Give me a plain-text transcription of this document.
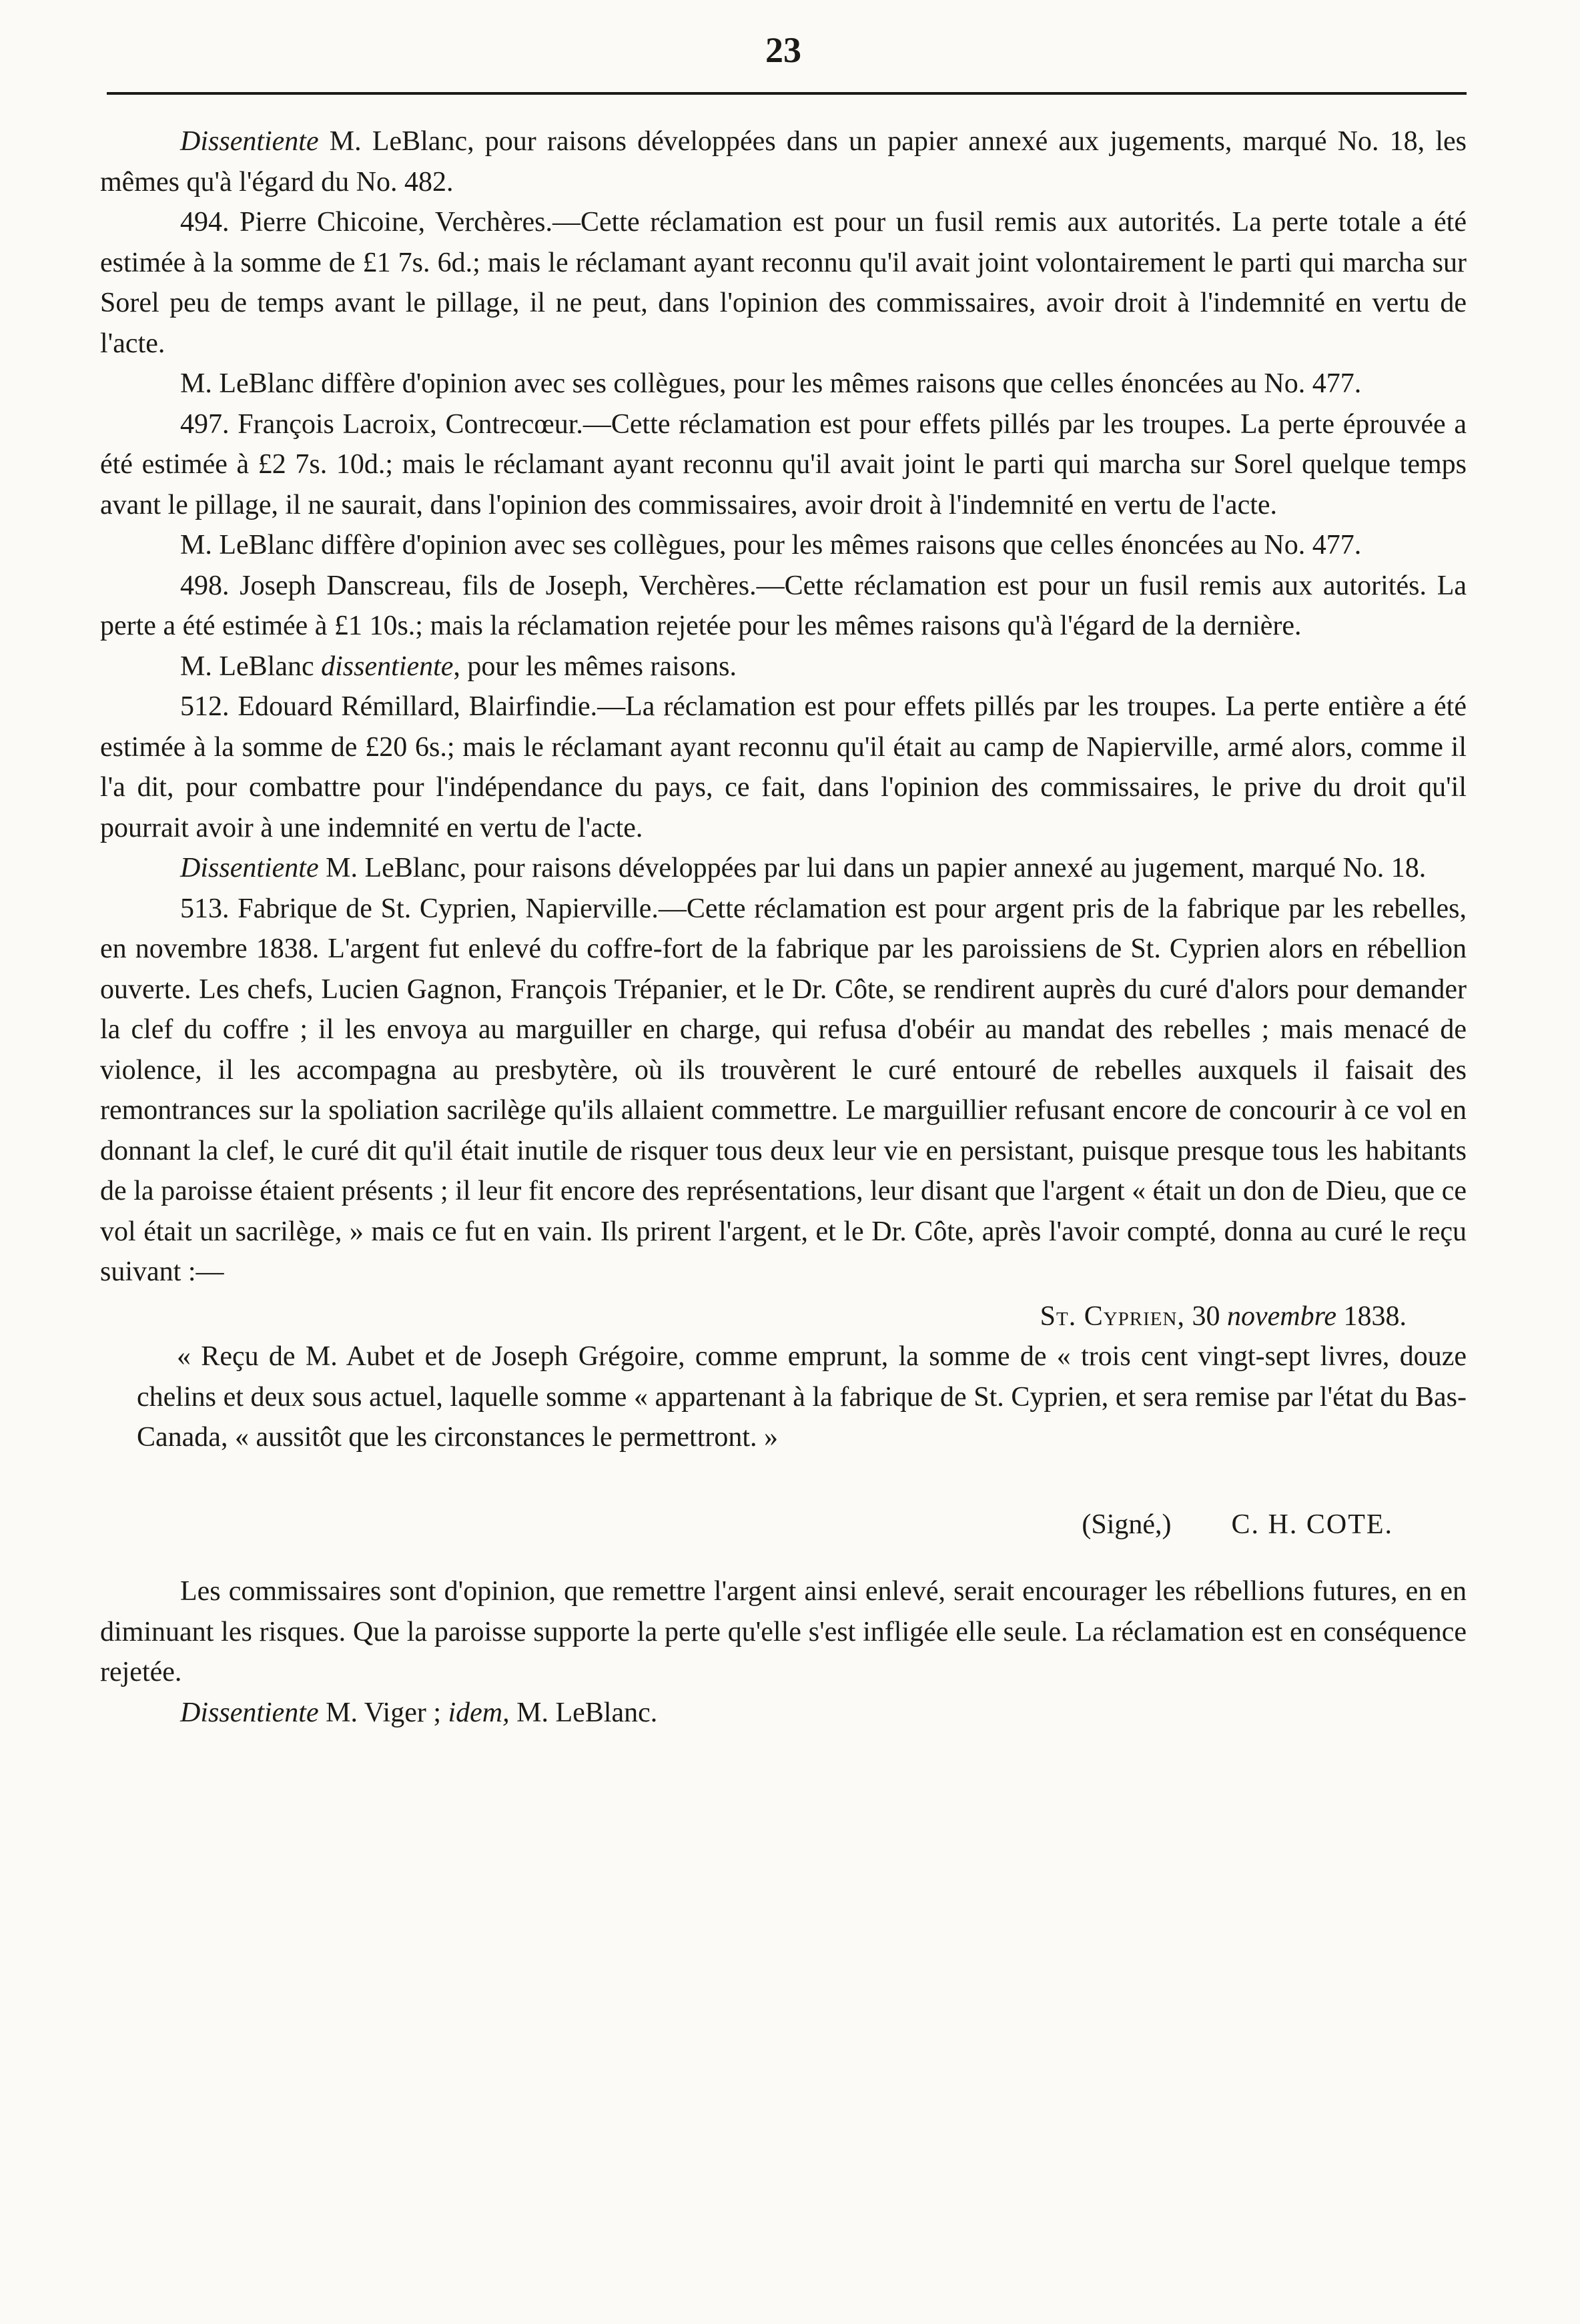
23

Dissentiente M. LeBlanc, pour raisons développées dans un papier annexé aux jugements, marqué No. 18, les mêmes qu'à l'égard du No. 482.

494. Pierre Chicoine, Verchères.—Cette réclamation est pour un fusil remis aux autorités. La perte totale a été estimée à la somme de £1 7s. 6d.; mais le réclamant ayant reconnu qu'il avait joint volontairement le parti qui marcha sur Sorel peu de temps avant le pillage, il ne peut, dans l'opinion des commissaires, avoir droit à l'indemnité en vertu de l'acte.

M. LeBlanc diffère d'opinion avec ses collègues, pour les mêmes raisons que celles énoncées au No. 477.

497. François Lacroix, Contrecœur.—Cette réclamation est pour effets pillés par les troupes. La perte éprouvée a été estimée à £2 7s. 10d.; mais le réclamant ayant reconnu qu'il avait joint le parti qui marcha sur Sorel quelque temps avant le pillage, il ne saurait, dans l'opinion des commissaires, avoir droit à l'indemnité en vertu de l'acte.

M. LeBlanc diffère d'opinion avec ses collègues, pour les mêmes raisons que celles énoncées au No. 477.

498. Joseph Danscreau, fils de Joseph, Verchères.—Cette réclamation est pour un fusil remis aux autorités. La perte a été estimée à £1 10s.; mais la réclamation rejetée pour les mêmes raisons qu'à l'égard de la dernière.

M. LeBlanc dissentiente, pour les mêmes raisons.

512. Edouard Rémillard, Blairfindie.—La réclamation est pour effets pillés par les troupes. La perte entière a été estimée à la somme de £20 6s.; mais le réclamant ayant reconnu qu'il était au camp de Napierville, armé alors, comme il l'a dit, pour combattre pour l'indépendance du pays, ce fait, dans l'opinion des commissaires, le prive du droit qu'il pourrait avoir à une indemnité en vertu de l'acte.

Dissentiente M. LeBlanc, pour raisons développées par lui dans un papier annexé au jugement, marqué No. 18.

513. Fabrique de St. Cyprien, Napierville.—Cette réclamation est pour argent pris de la fabrique par les rebelles, en novembre 1838. L'argent fut enlevé du coffre-fort de la fabrique par les paroissiens de St. Cyprien alors en rébellion ouverte. Les chefs, Lucien Gagnon, François Trépanier, et le Dr. Côte, se rendirent auprès du curé d'alors pour demander la clef du coffre ; il les envoya au marguiller en charge, qui refusa d'obéir au mandat des rebelles ; mais menacé de violence, il les accompagna au presbytère, où ils trouvèrent le curé entouré de rebelles auxquels il faisait des remontrances sur la spoliation sacrilège qu'ils allaient commettre. Le marguillier refusant encore de concourir à ce vol en donnant la clef, le curé dit qu'il était inutile de risquer tous deux leur vie en persistant, puisque presque tous les habitants de la paroisse étaient présents ; il leur fit encore des représentations, leur disant que l'argent « était un don de Dieu, que ce vol était un sacrilège, » mais ce fut en vain. Ils prirent l'argent, et le Dr. Côte, après l'avoir compté, donna au curé le reçu suivant :—

St. Cyprien, 30 novembre 1838.

« Reçu de M. Aubet et de Joseph Grégoire, comme emprunt, la somme de « trois cent vingt-sept livres, douze chelins et deux sous actuel, laquelle somme « appartenant à la fabrique de St. Cyprien, et sera remise par l'état du Bas-Canada, « aussitôt que les circonstances le permettront. »

(Signé,) C. H. COTE.

Les commissaires sont d'opinion, que remettre l'argent ainsi enlevé, serait encourager les rébellions futures, en en diminuant les risques. Que la paroisse supporte la perte qu'elle s'est infligée elle seule. La réclamation est en conséquence rejetée.

Dissentiente M. Viger ; idem, M. LeBlanc.
